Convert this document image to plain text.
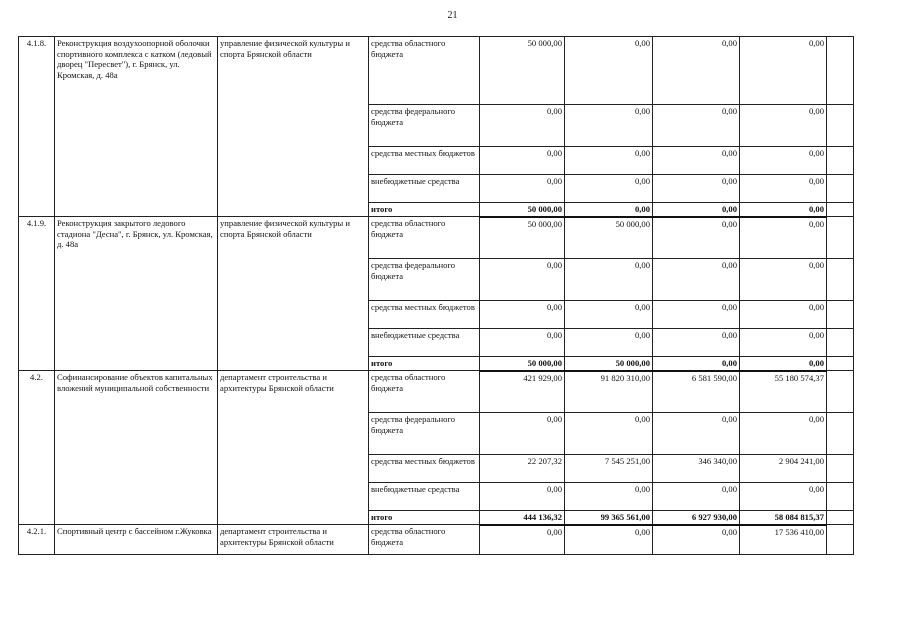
21
4.1.8.	Реконструкция воздухоопорной оболочки спортивного комплекса с катком (ледовый дворец "Пересвет"), г. Брянск, ул. Кромская, д. 48а	управление физической культуры и спорта Брянской области	средства областного бюджета	50 000,00	0,00	0,00	0,00	
			средства федерального бюджета	0,00	0,00	0,00	0,00	
			средства местных бюджетов	0,00	0,00	0,00	0,00	
			внебюджетные средства	0,00	0,00	0,00	0,00	
			итого	50 000,00	0,00	0,00	0,00	
4.1.9.	Реконструкция закрытого ледового стадиона "Десна", г. Брянск, ул. Кромская, д. 48а	управление физической культуры и спорта Брянской области	средства областного бюджета	50 000,00	50 000,00	0,00	0,00	
			средства федерального бюджета	0,00	0,00	0,00	0,00	
			средства местных бюджетов	0,00	0,00	0,00	0,00	
			внебюджетные средства	0,00	0,00	0,00	0,00	
			итого	50 000,00	50 000,00	0,00	0,00	
4.2.	Софинансирование объектов капитальных вложений муниципальной собственности	департамент строительства и архитектуры Брянской области	средства областного бюджета	421 929,00	91 820 310,00	6 581 590,00	55 180 574,37	
			средства федерального бюджета	0,00	0,00	0,00	0,00	
			средства местных бюджетов	22 207,32	7 545 251,00	346 340,00	2 904 241,00	
			внебюджетные средства	0,00	0,00	0,00	0,00	
			итого	444 136,32	99 365 561,00	6 927 930,00	58 084 815,37	
4.2.1.	Спортивный центр с бассейном г.Жуковка	департамент строительства и архитектуры Брянской области	средства областного бюджета	0,00	0,00	0,00	17 536 410,00	
